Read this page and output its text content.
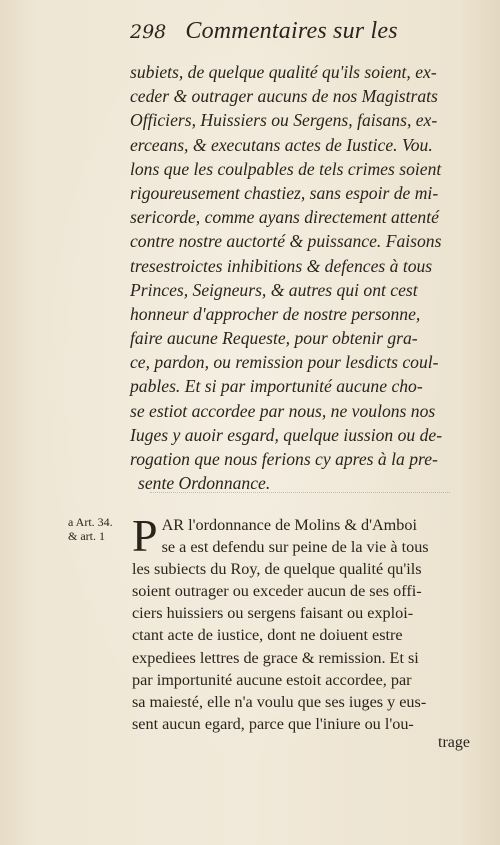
298 Commentaires sur les
subiets, de quelque qualité qu'ils soient, ex-
ceder & outrager aucuns de nos Magistrats
Officiers, Huissiers ou Sergens, faisans, ex-
erceans, & executans actes de Iustice. Vou.
lons que les coulpables de tels crimes soient
rigoureusement chastiez, sans espoir de mi-
sericorde, comme ayans directement attenté
contre nostre auctorté & puissance. Faisons
tresestroictes inhibitions & defences à tous
Princes, Seigneurs, & autres qui ont cest
honneur d'approcher de nostre personne,
faire aucune Requeste, pour obtenir gra-
ce, pardon, ou remission pour lesdicts coul-
pables. Et si par importunité aucune cho-
se estiot accordee par nous, ne voulons nos
Iuges y auoir esgard, quelque iussion ou de-
rogation que nous ferions cy apres à la pre-
sente Ordonnance.
a Art. 34.
& art. 1 P AR l'ordonnance de Molins & d'Amboi
se a est defendu sur peine de la vie à tous
les subiects du Roy, de quelque qualité qu'ils
soient outrager ou exceder aucun de ses offi-
ciers huissiers ou sergens faisant ou exploi-
ctant acte de iustice, dont ne doiuent estre
expediees lettres de grace & remission. Et si
par importunité aucune estoit accordee, par
sa maiesté, elle n'a voulu que ses iuges y eus-
sent aucun egard, parce que l'iniure ou l'ou-
trage
